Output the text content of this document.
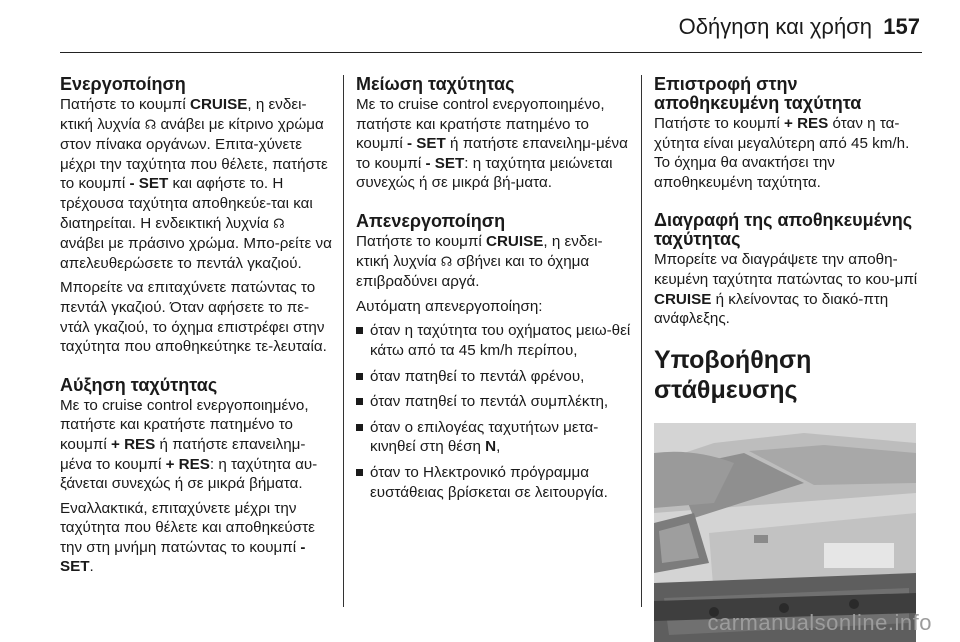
Οδήγηση και χρήση 157
Ενεργοποίηση

Πατήστε το κουμπί CRUISE, η ενδει-κτική λυχνία ☊ ανάβει με κίτρινο χρώμα στον πίνακα οργάνων. Επιτα-χύνετε μέχρι την ταχύτητα που θέλετε, πατήστε το κουμπί - SET και αφήστε το. Η τρέχουσα ταχύτητα αποθηκεύε-ται και διατηρείται. Η ενδεικτική λυχνία ☊ ανάβει με πράσινο χρώμα. Μπο-ρείτε να απελευθερώσετε το πεντάλ γκαζιού.

Μπορείτε να επιταχύνετε πατώντας το πεντάλ γκαζιού. Όταν αφήσετε το πε-ντάλ γκαζιού, το όχημα επιστρέφει στην ταχύτητα που αποθηκεύτηκε τε-λευταία.

Αύξηση ταχύτητας

Με το cruise control ενεργοποιημένο, πατήστε και κρατήστε πατημένο το κουμπί + RES ή πατήστε επανειλημ-μένα το κουμπί + RES: η ταχύτητα αυ-ξάνεται συνεχώς ή σε μικρά βήματα.

Εναλλακτικά, επιταχύνετε μέχρι την ταχύτητα που θέλετε και αποθηκεύστε την στη μνήμη πατώντας το κουμπί - SET.

Μείωση ταχύτητας

Με το cruise control ενεργοποιημένο, πατήστε και κρατήστε πατημένο το κουμπί - SET ή πατήστε επανειλημ-μένα το κουμπί - SET: η ταχύτητα μειώνεται συνεχώς ή σε μικρά βή-ματα.

Απενεργοποίηση

Πατήστε το κουμπί CRUISE, η ενδει-κτική λυχνία ☊ σβήνει και το όχημα επιβραδύνει αργά.

Αυτόματη απενεργοποίηση:

όταν η ταχύτητα του οχήματος μειω-θεί κάτω από τα 45 km/h περίπου,
όταν πατηθεί το πεντάλ φρένου,
όταν πατηθεί το πεντάλ συμπλέκτη,
όταν ο επιλογέας ταχυτήτων μετα-κινηθεί στη θέση N,
όταν το Ηλεκτρονικό πρόγραμμα ευστάθειας βρίσκεται σε λειτουργία.
Επιστροφή στην αποθηκευμένη ταχύτητα

Πατήστε το κουμπί + RES όταν η τα-χύτητα είναι μεγαλύτερη από 45 km/h. Το όχημα θα ανακτήσει την αποθηκευμένη ταχύτητα.

Διαγραφή της αποθηκευμένης ταχύτητας

Μπορείτε να διαγράψετε την αποθη-κευμένη ταχύτητα πατώντας το κου-μπί CRUISE ή κλείνοντας το διακό-πτη ανάφλεξης.

Υποβοήθηση στάθμευσης
carmanualsonline.info
